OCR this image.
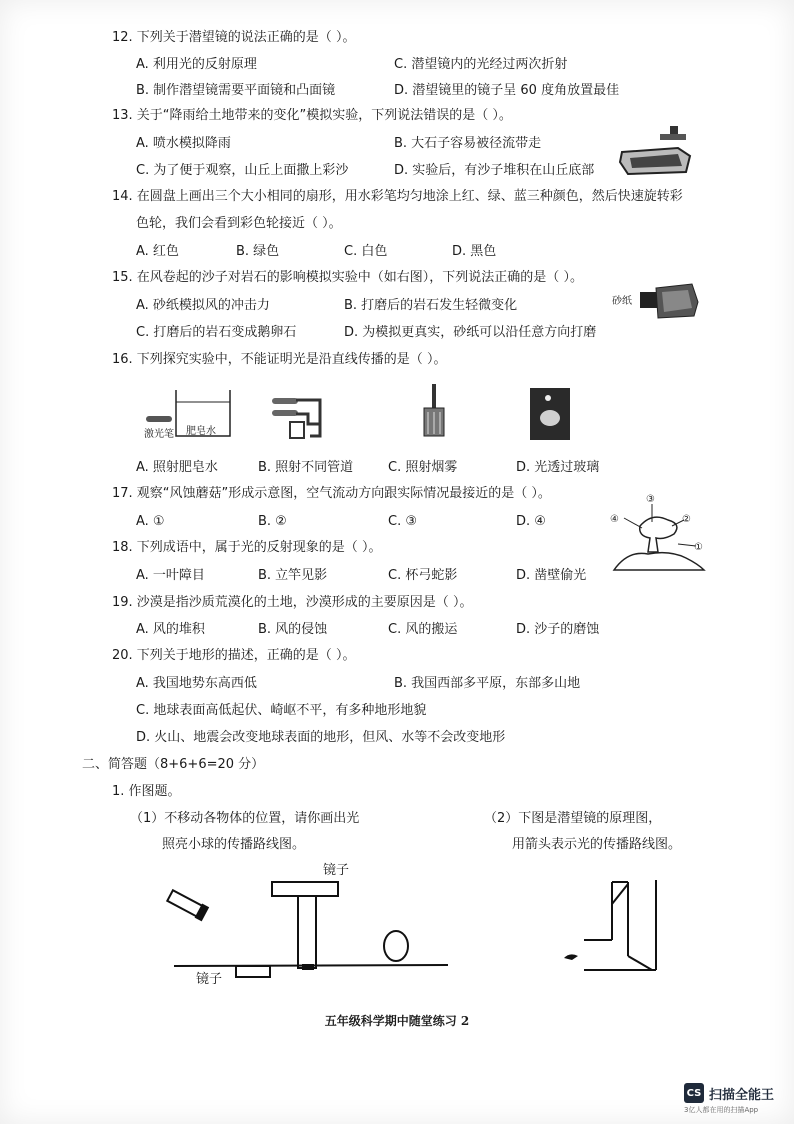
12. 下列关于潜望镜的说法正确的是（ ）。
A. 利用光的反射原理	C. 潜望镜内的光经过两次折射
B. 制作潜望镜需要平面镜和凸面镜	D. 潜望镜里的镜子呈 60 度角放置最佳
13. 关于“降雨给土地带来的变化”模拟实验，下列说法错误的是（ ）。
A. 喷水模拟降雨	B. 大石子容易被径流带走
C. 为了便于观察，山丘上面撒上彩沙	D. 实验后，有沙子堆积在山丘底部
14. 在圆盘上画出三个大小相同的扇形，用水彩笔均匀地涂上红、绿、蓝三种颜色，然后快速旋转彩
色轮，我们会看到彩色轮接近（ ）。
A. 红色	B. 绿色	C. 白色	D. 黑色
15. 在风卷起的沙子对岩石的影响模拟实验中（如右图），下列说法正确的是（ ）。
A. 砂纸模拟风的冲击力	B. 打磨后的岩石发生轻微变化
C. 打磨后的岩石变成鹅卵石	D. 为模拟更真实，砂纸可以沿任意方向打磨
砂纸
16. 下列探究实验中，不能证明光是沿直线传播的是（ ）。
激光笔 肥皂水
A. 照射肥皂水	B. 照射不同管道	C. 照射烟雾	D. 光透过玻璃
17. 观察“风蚀蘑菇”形成示意图，空气流动方向跟实际情况最接近的是（ ）。
A. ①	B. ②	C. ③	D. ④
③
④	②
①
18. 下列成语中，属于光的反射现象的是（ ）。
A. 一叶障目	B. 立竿见影	C. 杯弓蛇影	D. 凿壁偷光
19. 沙漠是指沙质荒漠化的土地，沙漠形成的主要原因是（ ）。
A. 风的堆积	B. 风的侵蚀	C. 风的搬运	D. 沙子的磨蚀
20. 下列关于地形的描述，正确的是（ ）。
A. 我国地势东高西低	B. 我国西部多平原，东部多山地
C. 地球表面高低起伏、崎岖不平，有多种地形地貌
D. 火山、地震会改变地球表面的地形，但风、水等不会改变地形
二、简答题（8+6+6=20 分）
1. 作图题。
（1）不移动各物体的位置，请你画出光
照亮小球的传播路线图。
（2）下图是潜望镜的原理图，
用箭头表示光的传播路线图。
镜子
镜子
五年级科学期中随堂练习 2
CS 扫描全能王
3亿人都在用的扫描App
